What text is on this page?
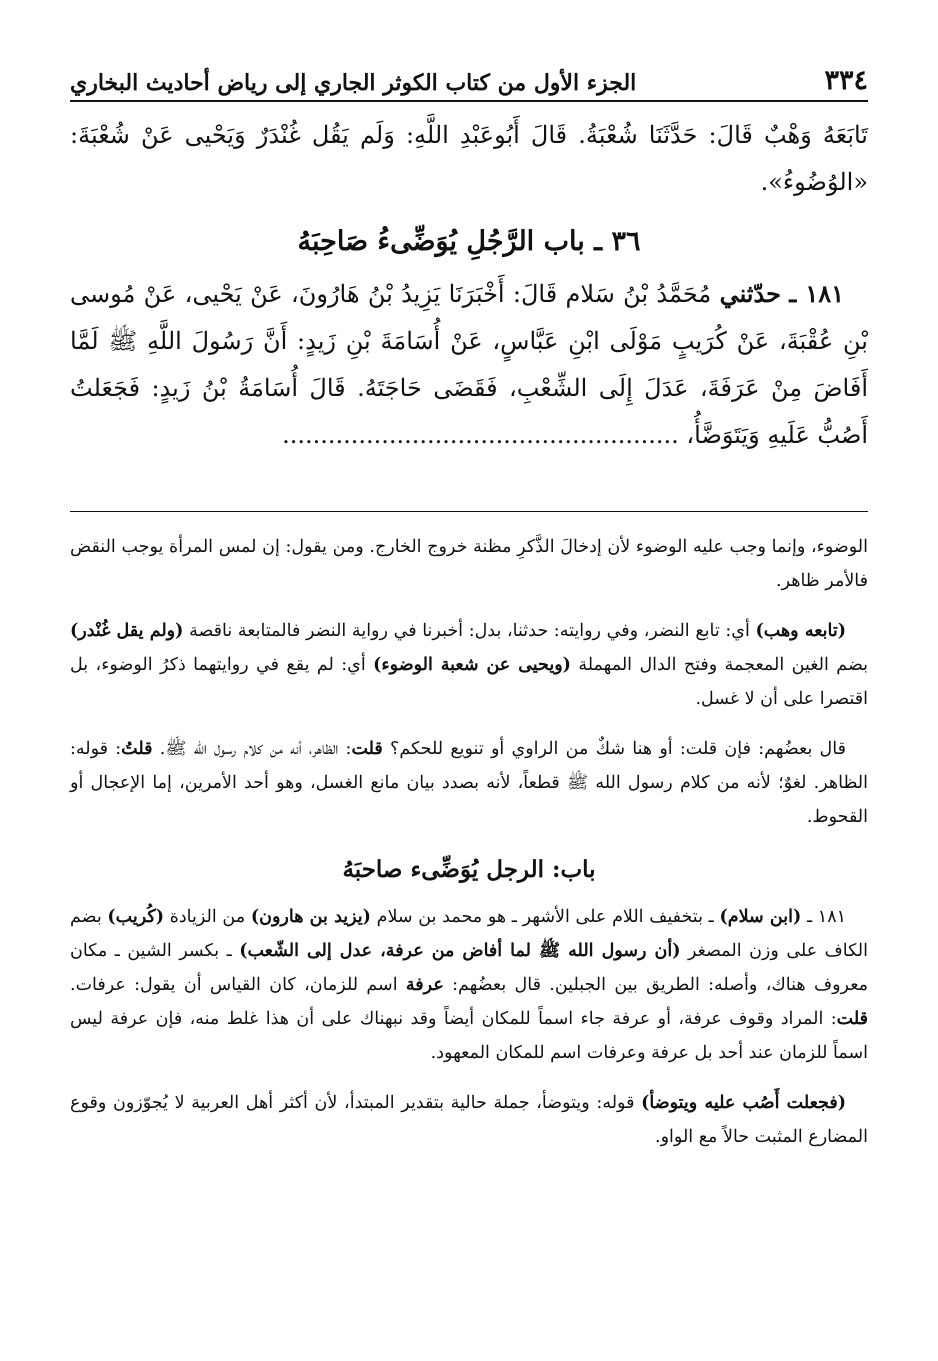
٣٣٤
الجزء الأول من كتاب الكوثر الجاري إلى رياض أحاديث البخاري

تَابَعَهُ وَهْبٌ قَالَ: حَدَّثَنَا شُعْبَةُ. قَالَ أَبُوعَبْدِ اللَّهِ: وَلَم يَقُل غُنْدَرٌ وَيَحْيى عَنْ شُعْبَةَ: «الوُضُوءُ».

٣٦ ـ باب الرَّجُلِ يُوَضِّىءُ صَاحِبَهُ

١٨١ ـ حدّثني مُحَمَّدُ بْنُ سَلام قَالَ: أَخْبَرَنَا يَزِيدُ بْنُ هَارُونَ، عَنْ يَحْيى، عَنْ مُوسى بْنِ عُقْبَةَ، عَنْ كُرَيبٍ مَوْلَى ابْنِ عَبَّاسٍ، عَنْ أُسَامَةَ بْنِ زَيدٍ: أَنَّ رَسُولَ اللَّهِ ﷺ لَمَّا أَفَاضَ مِنْ عَرَفَةَ، عَدَلَ إِلَى الشِّعْبِ، فَقَضَى حَاجَتَهُ. قَالَ أُسَامَةُ بْنُ زَيدٍ: فَجَعَلتُ أَصُبُّ عَلَيهِ وَيَتَوَضَّأُ، ....................................................

الوضوء، وإنما وجب عليه الوضوء لأن إدخالَ الذَّكرِ مظنة خروج الخارج. ومن يقول: إن لمس المرأة يوجب النقض فالأمر ظاهر.

(تابعه وهب) أي: تابع النضر، وفي روايته: حدثنا، بدل: أخبرنا في رواية النضر فالمتابعة ناقصة (ولم يقل غُنْدر) بضم الغين المعجمة وفتح الدال المهملة (ويحيى عن شعبة الوضوء) أي: لم يقع في روايتهما ذكرُ الوضوء، بل اقتصرا على أن لا غسل.

قال بعضُهم: فإن قلت: أو هنا شكٌ من الراوي أو تنويع للحكم؟ قلت: الظاهر، أنه من كلام رسول الله ﷺ. قلتُ: قوله: الظاهر. لغوٌ؛ لأنه من كلام رسول الله ﷺ قطعاً، لأنه بصدد بيان مانع الغسل، وهو أحد الأمرين، إما الإعجال أو القحوط.

باب: الرجل يُوَضِّىء صاحبَهُ

١٨١ ـ (ابن سلام) ـ بتخفيف اللام على الأشهر ـ هو محمد بن سلام (يزيد بن هارون) من الزيادة (كُريب) بضم الكاف على وزن المصغر (أن رسول الله ﷺ لما أفاض من عرفة، عدل إلى الشّعب) ـ بكسر الشين ـ مكان معروف هناك، وأصله: الطريق بين الجبلين. قال بعضُهم: عرفة اسم للزمان، كان القياس أن يقول: عرفات. قلت: المراد وقوف عرفة، أو عرفة جاء اسماً للمكان أيضاً وقد نبهناك على أن هذا غلط منه، فإن عرفة ليس اسماً للزمان عند أحد بل عرفة وعرفات اسم للمكان المعهود.

(فجعلت أَصُب عليه ويتوضأ) قوله: ويتوضأ، جملة حالية بتقدير المبتدأ، لأن أكثر أهل العربية لا يُجوّزون وقوع المضارع المثبت حالاً مع الواو.
